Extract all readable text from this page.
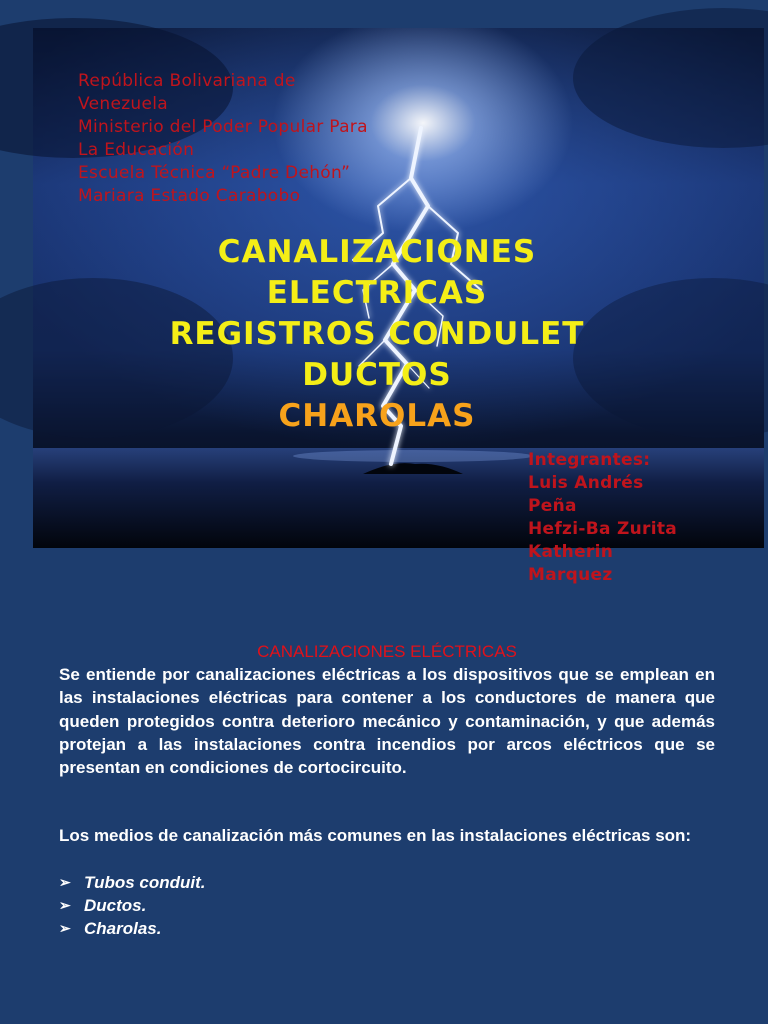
República Bolivariana de
Venezuela
Ministerio del Poder Popular Para
La Educación
Escuela Técnica “Padre Dehón”
Mariara Estado Carabobo
CANALIZACIONES
ELECTRICAS
REGISTROS CONDULET
DUCTOS
CHAROLAS
Integrantes:
Luis Andrés
Peña
Hefzi-Ba Zurita
Katherin
Marquez
CANALIZACIONES ELÉCTRICAS

Se entiende por canalizaciones eléctricas a los dispositivos que se emplean en las instalaciones eléctricas para contener a los conductores de manera que queden protegidos contra deterioro mecánico y contaminación, y que además protejan a las instalaciones contra incendios por arcos eléctricos que se presentan en condiciones de cortocircuito.

Los medios de canalización más comunes en las instalaciones eléctricas son:

➢ Tubos conduit.
➢ Ductos.
➢ Charolas.
